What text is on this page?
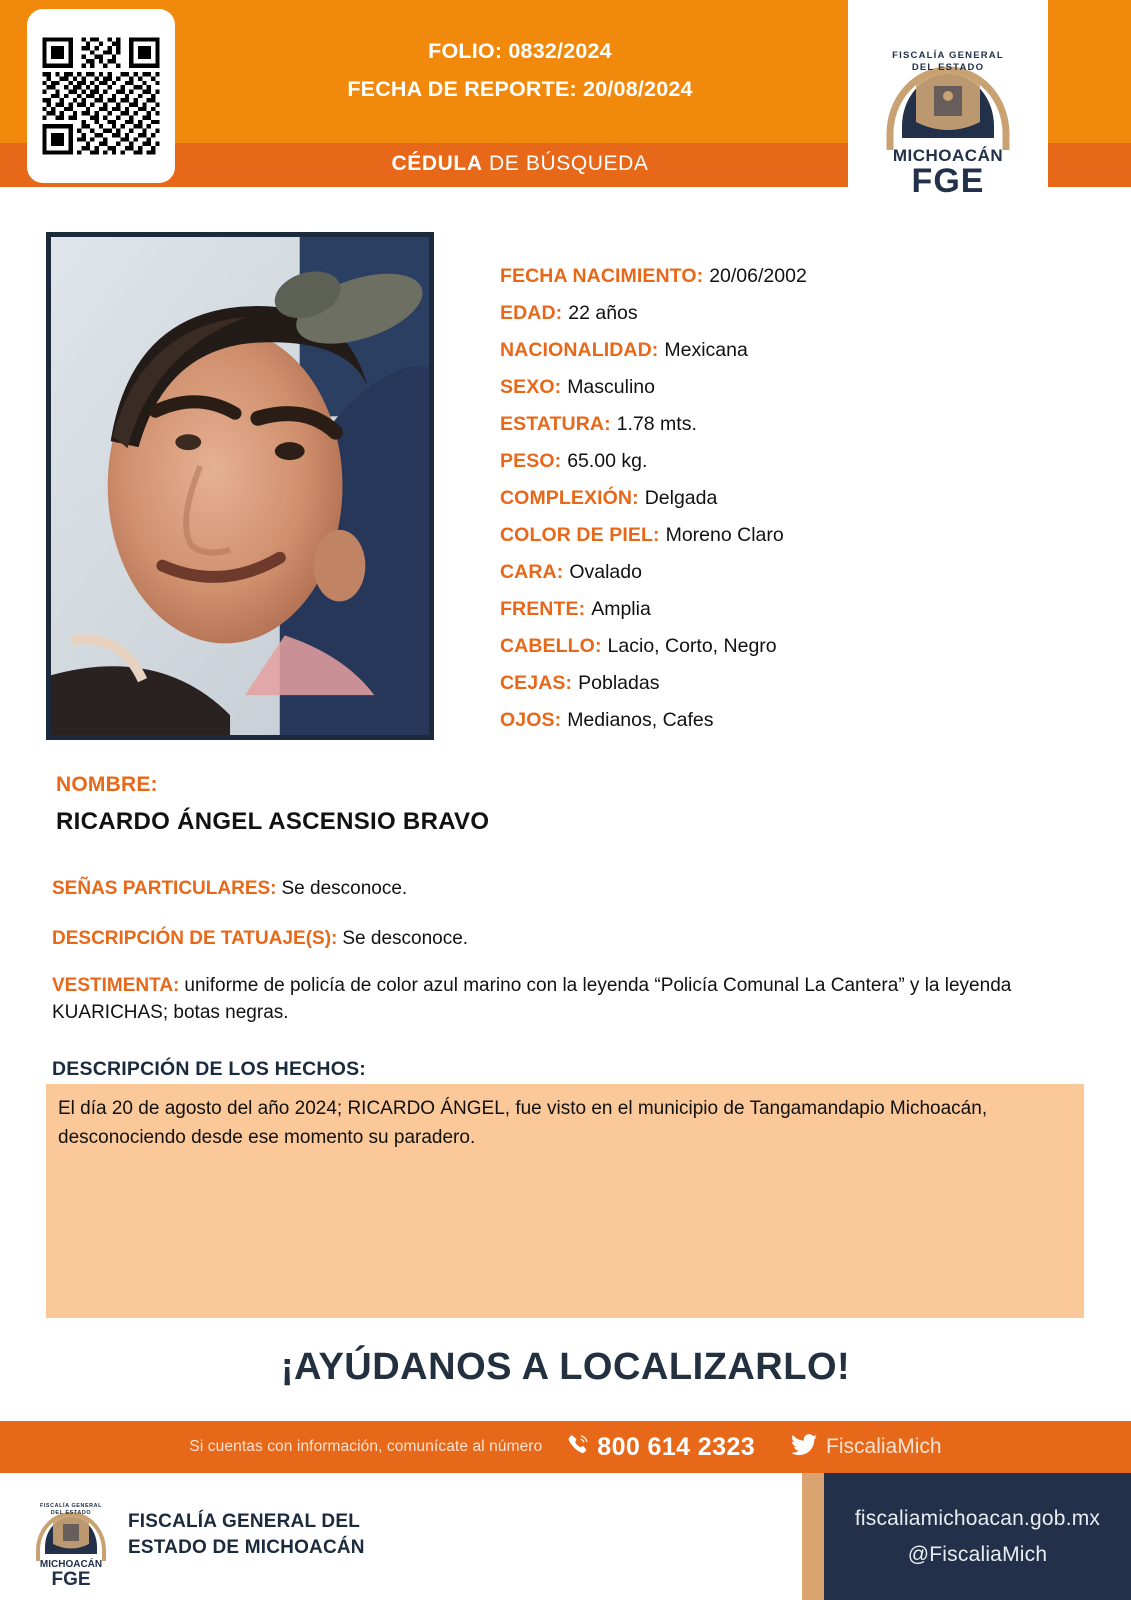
FOLIO: 0832/2024
FECHA DE REPORTE: 20/08/2024
CÉDULA DE BÚSQUEDA
FISCALÍA GENERAL
DEL ESTADO
MICHOACÁN
FGE
FECHA NACIMIENTO: 20/06/2002
EDAD: 22 años
NACIONALIDAD: Mexicana
SEXO: Masculino
ESTATURA: 1.78 mts.
PESO: 65.00 kg.
COMPLEXIÓN: Delgada
COLOR DE PIEL: Moreno Claro
CARA: Ovalado
FRENTE: Amplia
CABELLO: Lacio, Corto, Negro
CEJAS: Pobladas
OJOS: Medianos, Cafes
NOMBRE:
RICARDO ÁNGEL ASCENSIO BRAVO
SEÑAS PARTICULARES: Se desconoce.
DESCRIPCIÓN DE TATUAJE(S): Se desconoce.
VESTIMENTA: uniforme de policía de color azul marino con la leyenda “Policía Comunal La Cantera” y la leyenda KUARICHAS; botas negras.
DESCRIPCIÓN DE LOS HECHOS:
El día 20 de agosto del año 2024; RICARDO ÁNGEL, fue visto en el municipio de Tangamandapio Michoacán, desconociendo desde ese momento su paradero.
¡AYÚDANOS A LOCALIZARLO!
Si cuentas con información, comunícate al número 800 614 2323	FiscaliaMich
FISCALÍA GENERAL
DEL ESTADO
MICHOACÁN
FGE
FISCALÍA GENERAL DEL
ESTADO DE MICHOACÁN
fiscaliamichoacan.gob.mx
@FiscaliaMich
